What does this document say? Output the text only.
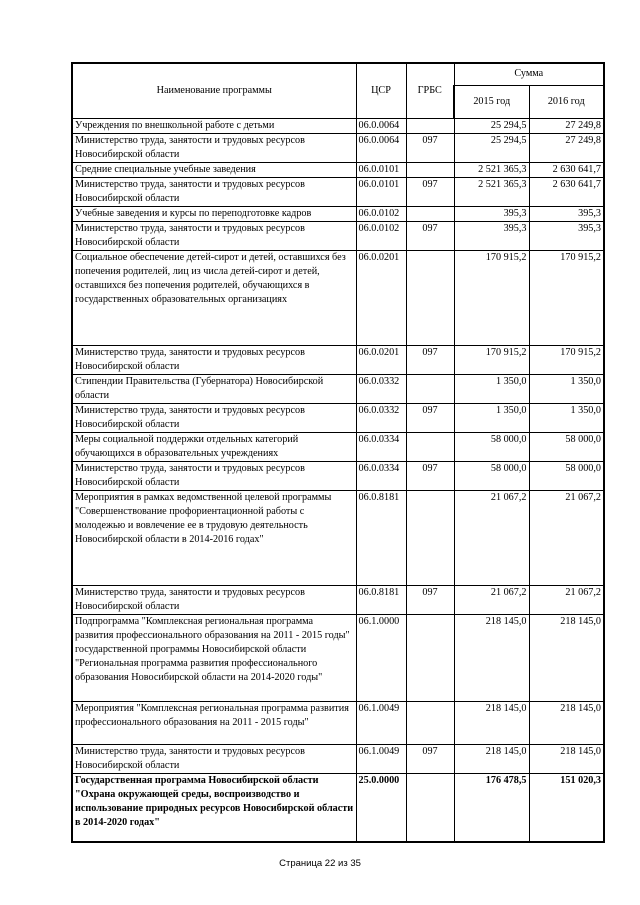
Наименование программы	ЦСР	ГРБС	Сумма	
			2015 год	2016 год
Учреждения по внешкольной работе с детьми	06.0.0064		25 294,5	27 249,8
Министерство труда, занятости и трудовых ресурсов Новосибирской области	06.0.0064	097	25 294,5	27 249,8
Средние специальные учебные заведения	06.0.0101		2 521 365,3	2 630 641,7
Министерство труда, занятости и трудовых ресурсов Новосибирской области	06.0.0101	097	2 521 365,3	2 630 641,7
Учебные заведения и курсы по переподготовке кадров	06.0.0102		395,3	395,3
Министерство труда, занятости и трудовых ресурсов Новосибирской области	06.0.0102	097	395,3	395,3
Социальное обеспечение детей-сирот и детей, оставшихся без попечения родителей, лиц из числа детей-сирот и детей, оставшихся без попечения родителей, обучающихся в государственных образовательных организациях	06.0.0201		170 915,2	170 915,2
Министерство труда, занятости и трудовых ресурсов Новосибирской области	06.0.0201	097	170 915,2	170 915,2
Стипендии Правительства (Губернатора) Новосибирской области	06.0.0332		1 350,0	1 350,0
Министерство труда, занятости и трудовых ресурсов Новосибирской области	06.0.0332	097	1 350,0	1 350,0
Меры социальной поддержки отдельных категорий обучающихся в образовательных учреждениях	06.0.0334		58 000,0	58 000,0
Министерство труда, занятости и трудовых ресурсов Новосибирской области	06.0.0334	097	58 000,0	58 000,0
Мероприятия в рамках ведомственной целевой программы "Совершенствование профориентационной работы с молодежью и вовлечение ее в трудовую деятельность Новосибирской области в 2014-2016 годах"	06.0.8181		21 067,2	21 067,2
Министерство труда, занятости и трудовых ресурсов Новосибирской области	06.0.8181	097	21 067,2	21 067,2
Подпрограмма "Комплексная региональная программа развития профессионального образования на 2011 - 2015 годы" государственной программы Новосибирской области "Региональная программа развития профессионального образования Новосибирской области на 2014-2020 годы"	06.1.0000		218 145,0	218 145,0
Мероприятия "Комплексная региональная программа развития профессионального образования на 2011 - 2015 годы"	06.1.0049		218 145,0	218 145,0
Министерство труда, занятости и трудовых ресурсов Новосибирской области	06.1.0049	097	218 145,0	218 145,0
Государственная программа Новосибирской области "Охрана окружающей среды, воспроизводство и использование природных ресурсов Новосибирской области в 2014-2020 годах"	25.0.0000		176 478,5	151 020,3
Страница 22 из 35
